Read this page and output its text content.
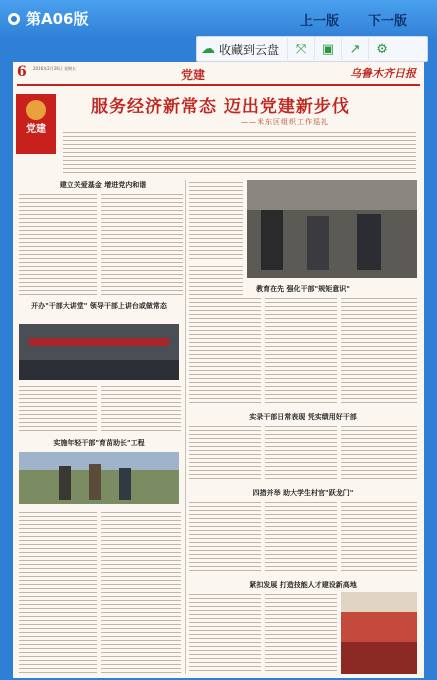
第A06版	上一版 下一版
☁ 收藏到云盘	⤧	▣	↗	⚙
6 2016年2月26日 星期五	党建	乌鲁木齐日报
党建
服务经济新常态 迈出党建新步伐
——米东区组织工作巡礼
建立关爱基金 增进党内和谐
开办"干部大讲堂" 领导干部上讲台或做常态
实施年轻干部"育苗助长"工程
教育在先 强化干部"规矩意识"
实录干部日常表现 凭实绩用好干部
四措并举 助大学生村官"跃龙门"
紧扣发展 打造技能人才建设新高地
